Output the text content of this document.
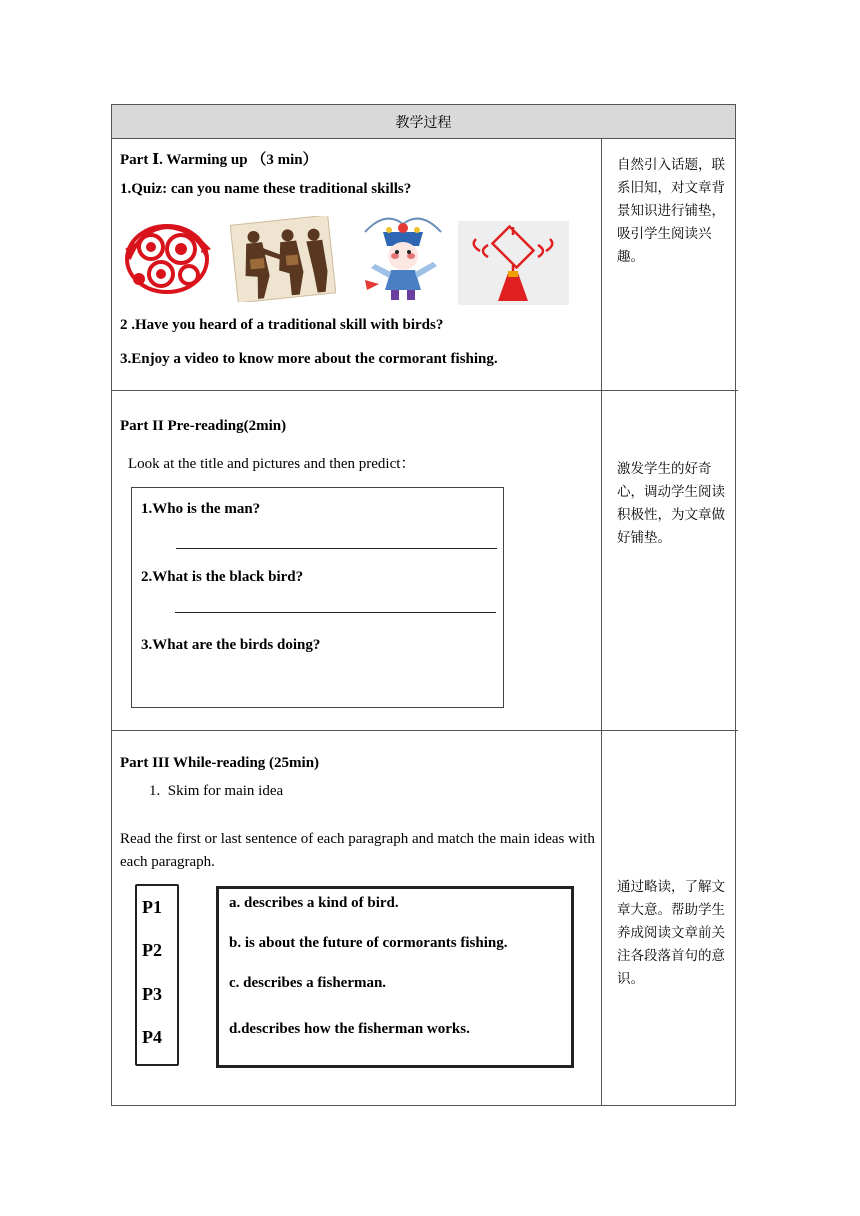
教学过程
Part Ⅰ. Warming up （3 min）
1.Quiz: can you name these traditional skills?
2 .Have you heard of a traditional skill with birds?
3.Enjoy a video to know more about the cormorant fishing.
自然引入话题，联系旧知，对文章背景知识进行铺垫，吸引学生阅读兴趣。
Part II Pre-reading(2min)
Look at the title and pictures and then predict：
1.Who is the man?
2.What is the black bird?
3.What are the birds doing?
激发学生的好奇心，调动学生阅读积极性，为文章做好铺垫。
Part III While-reading (25min)
1.  Skim for main idea
Read the first or last sentence of each paragraph and match the main ideas with each paragraph.
P1
P2
P3
P4
a. describes a kind of bird.
b. is about the future of cormorants fishing.
c. describes a fisherman.
d.describes how the fisherman works.
通过略读，了解文章大意。帮助学生养成阅读文章前关注各段落首句的意识。
